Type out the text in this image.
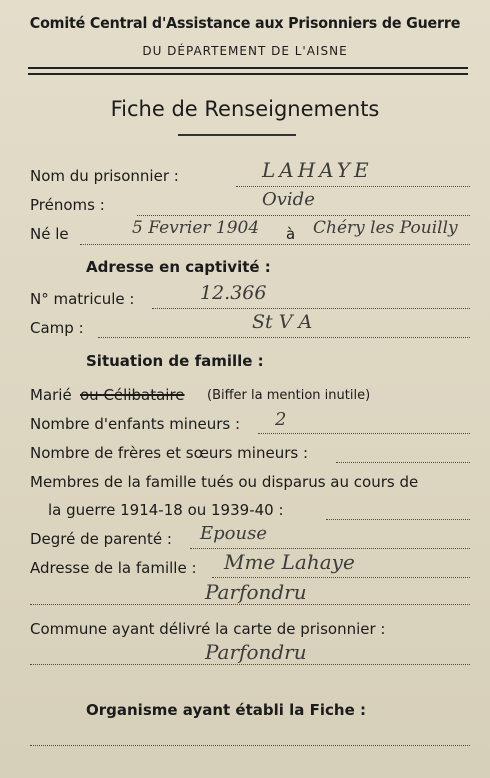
Comité Central d'Assistance aux Prisonniers de Guerre
DU DÉPARTEMENT DE L'AISNE
Fiche de Renseignements
Nom du prisonnier :	LAHAYE
Prénoms :	Ovide
Né le	5 Fevrier 1904 à Chéry les Pouilly
Adresse en captivité :
N° matricule :	12.366
Camp :	St V A
Situation de famille :
Marié ou Célibataire (Biffer la mention inutile)
Nombre d'enfants mineurs : 2
Nombre de frères et sœurs mineurs :
Membres de la famille tués ou disparus au cours de
la guerre 1914-18 ou 1939-40 :
Degré de parenté : Epouse
Adresse de la famille : Mme Lahaye
Parfondru
Commune ayant délivré la carte de prisonnier :
Parfondru
Organisme ayant établi la Fiche :
